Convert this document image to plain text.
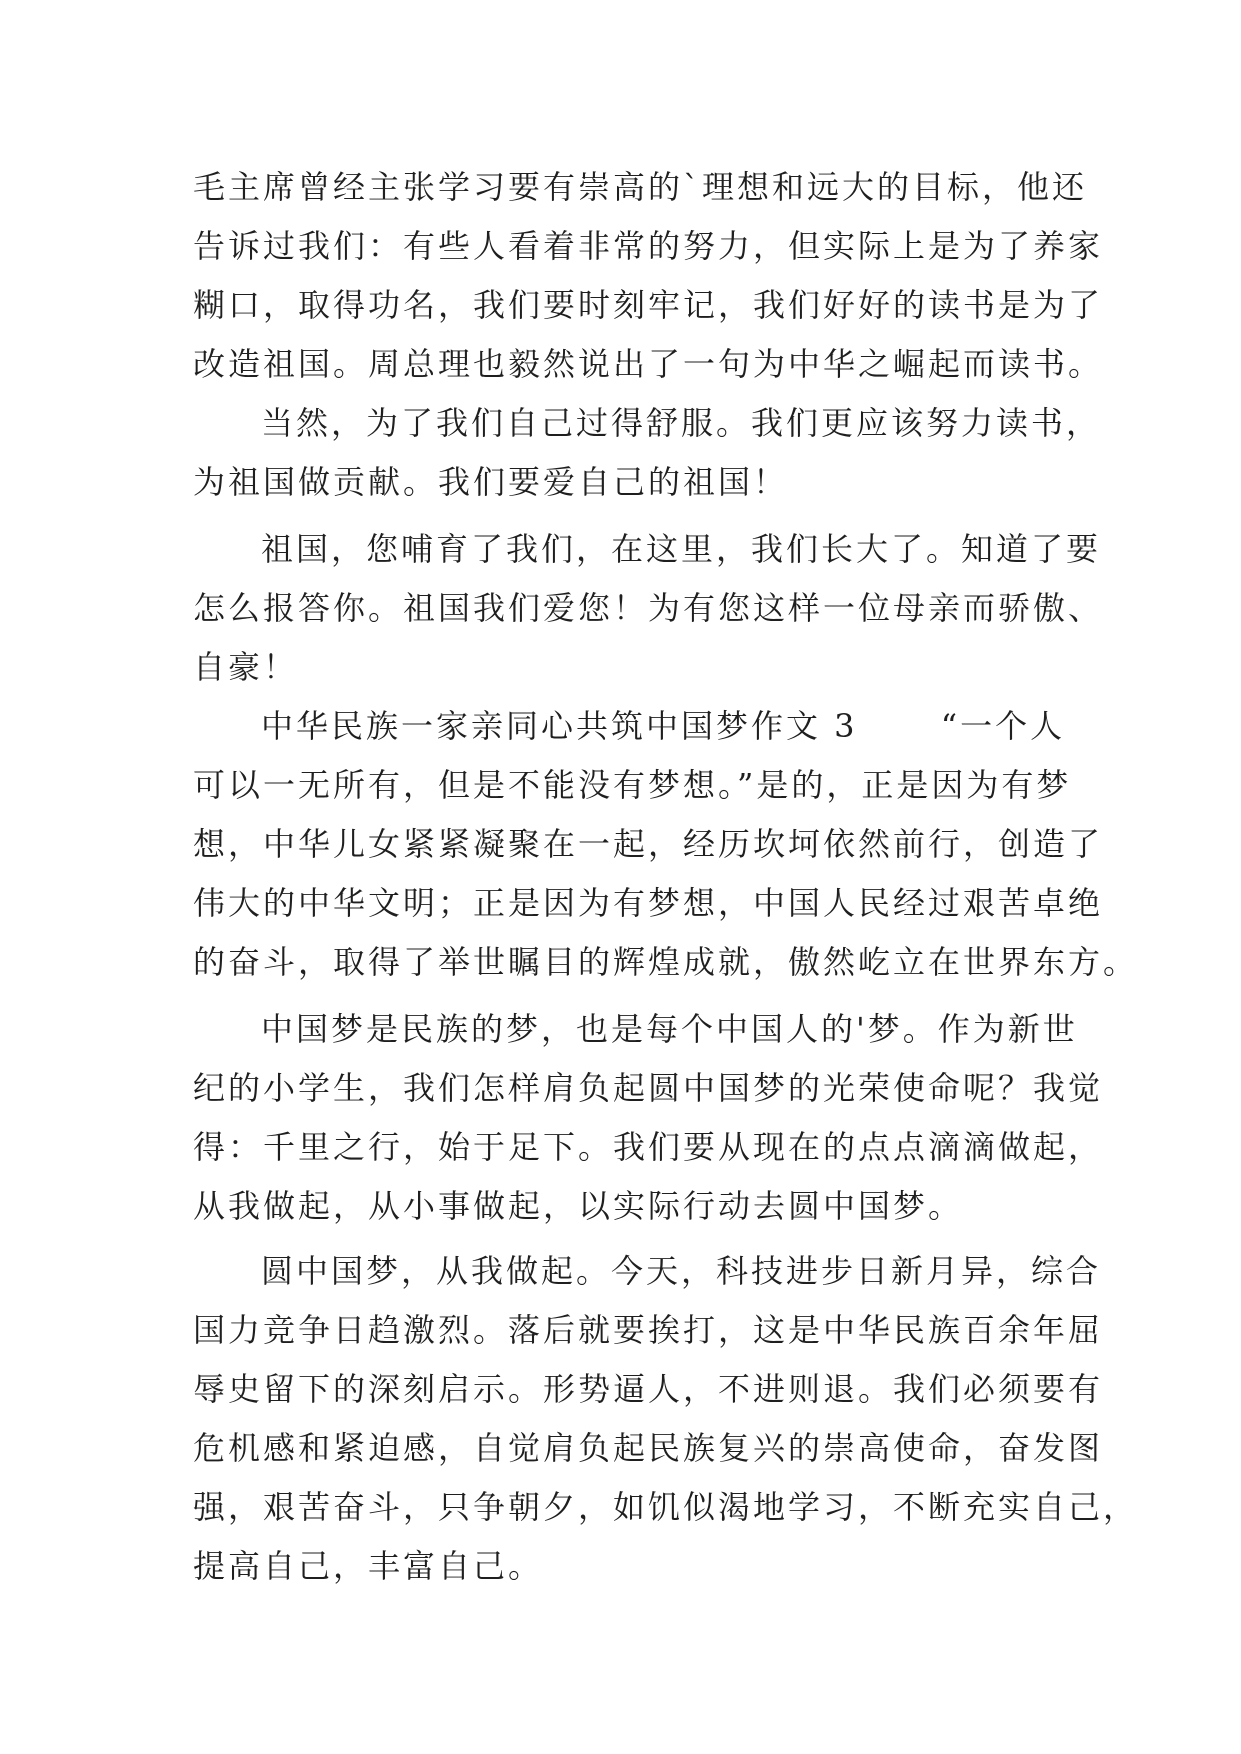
毛主席曾经主张学习要有崇高的`理想和远大的目标，他还
告诉过我们：有些人看着非常的努力，但实际上是为了养家
糊口，取得功名，我们要时刻牢记，我们好好的读书是为了
改造祖国。周总理也毅然说出了一句为中华之崛起而读书。
当然，为了我们自己过得舒服。我们更应该努力读书，
为祖国做贡献。我们要爱自己的祖国！
祖国，您哺育了我们，在这里，我们长大了。知道了要
怎么报答你。祖国我们爱您！为有您这样一位母亲而骄傲、
自豪！
中华民族一家亲同心共筑中国梦作文 3　　 “一个人
可以一无所有，但是不能没有梦想。”是的，正是因为有梦
想，中华儿女紧紧凝聚在一起，经历坎坷依然前行，创造了
伟大的中华文明；正是因为有梦想，中国人民经过艰苦卓绝
的奋斗，取得了举世瞩目的辉煌成就，傲然屹立在世界东方。
中国梦是民族的梦，也是每个中国人的'梦。作为新世
纪的小学生，我们怎样肩负起圆中国梦的光荣使命呢？我觉
得：千里之行，始于足下。我们要从现在的点点滴滴做起，
从我做起，从小事做起，以实际行动去圆中国梦。
圆中国梦，从我做起。今天，科技进步日新月异，综合
国力竞争日趋激烈。落后就要挨打，这是中华民族百余年屈
辱史留下的深刻启示。形势逼人，不进则退。我们必须要有
危机感和紧迫感，自觉肩负起民族复兴的崇高使命，奋发图
强，艰苦奋斗，只争朝夕，如饥似渴地学习，不断充实自己，
提高自己，丰富自己。
